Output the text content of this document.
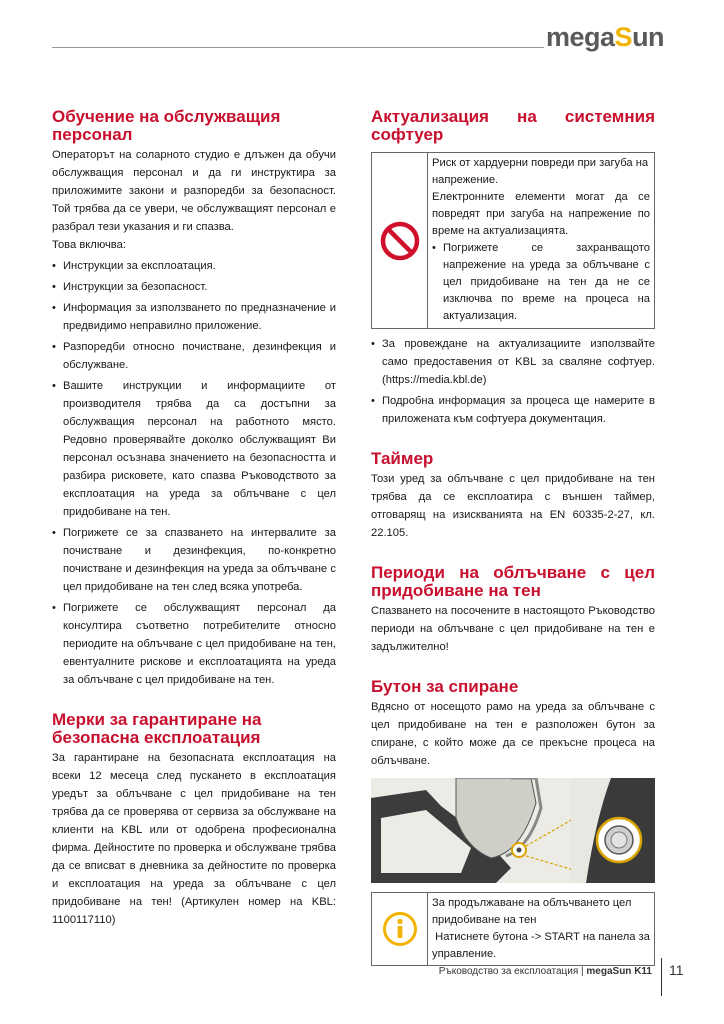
megaSun
Обучение на обслужващия персонал

Операторът на соларното студио е длъжен да обучи обслужващия персонал и да ги инструктира за приложимите закони и разпоредби за безопасност. Той трябва да се увери, че обслужващият персонал е разбрал тези указания и ги спазва.

Това включва:

• Инструкции за експлоатация.
• Инструкции за безопасност.
• Информация за използването по предназначение и предвидимо неправилно приложение.
• Разпоредби относно почистване, дезинфекция и обслужване.
• Вашите инструкции и информациите от производителя трябва да са достъпни за обслужващия персонал на работното място. Редовно проверявайте доколко обслужващият Ви персонал осъзнава значението на безопасността и разбира рисковете, като спазва Ръководството за експлоатация на уреда за облъчване с цел придобиване на тен.
• Погрижете се за спазването на интервалите за почистване и дезинфекция, по-конкретно почистване и дезинфекция на уреда за облъчване с цел придобиване на тен след всяка употреба.
• Погрижете се обслужващият персонал да консултира съответно потребителите относно периодите на облъчване с цел придобиване на тен, евентуалните рискове и експлоатацията на уреда за облъчване с цел придобиване на тен.
Мерки за гарантиране на безопасна експлоатация

За гарантиране на безопасната експлоатация на всеки 12 месеца след пускането в експлоатация уредът за облъчване с цел придобиване на тен трябва да се проверява от сервиза за обслужване на клиенти на KBL или от одобрена професионална фирма. Дейностите по проверка и обслужване трябва да се вписват в дневника за дейностите по проверка и експлоатация на уреда за облъчване с цел придобиване на тен! (Артикулен номер на KBL: 1100117110)

Актуализация на системния софтуер

Риск от хардуерни повреди при загуба на напрежение.

Електронните елементи могат да се повредят при загуба на напрежение по време на актуализацията.

• Погрижете се захранващото напрежение на уреда за облъчване с цел придобиване на тен да не се изключва по време на процеса на актуализация.
• За провеждане на актуализациите използвайте само предоставения от KBL за сваляне софтуер. (https://media.kbl.de)
• Подробна информация за процеса ще намерите в приложената към софтуера документация.
Таймер

Този уред за облъчване с цел придобиване на тен трябва да се експлоатира с външен таймер, отговарящ на изискванията на EN 60335-2-27, кл. 22.105.

Периоди на облъчване с цел придобиване на тен

Спазването на посочените в настоящото Ръководство периоди на облъчване с цел придобиване на тен е задължително!

Бутон за спиране

Вдясно от носещото рамо на уреда за облъчване с цел придобиване на тен е разположен бутон за спиране, с който може да се прекъсне процеса на облъчване.

За продължаване на облъчването цел придобиване на тен

Натиснете бутона -> START на панела за управление.

Ръководство за експлоатация | megaSun K11 11
